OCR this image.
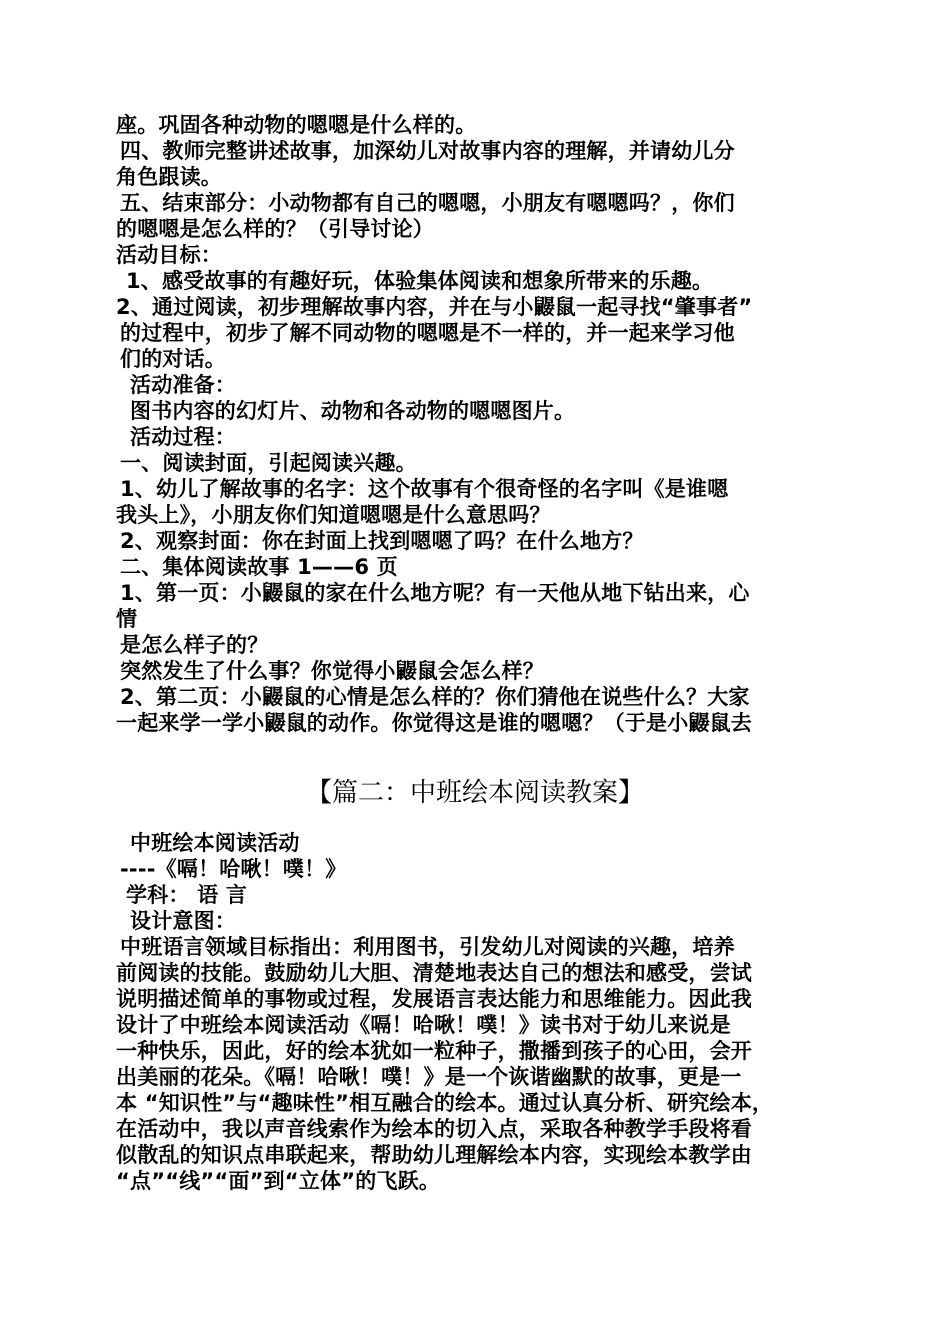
座。巩固各种动物的嗯嗯是什么样的。
四、教师完整讲述故事，加深幼儿对故事内容的理解，并请幼儿分
角色跟读。
五、结束部分：小动物都有自己的嗯嗯，小朋友有嗯嗯吗？，你们
的嗯嗯是怎么样的？（引导讨论）
活动目标：
1、感受故事的有趣好玩，体验集体阅读和想象所带来的乐趣。
2、通过阅读，初步理解故事内容，并在与小鼹鼠一起寻找“肇事者”
的过程中，初步了解不同动物的嗯嗯是不一样的，并一起来学习他
们的对话。
活动准备：
图书内容的幻灯片、动物和各动物的嗯嗯图片。
活动过程：
一、阅读封面，引起阅读兴趣。
1、幼儿了解故事的名字：这个故事有个很奇怪的名字叫《是谁嗯
我头上》，小朋友你们知道嗯嗯是什么意思吗？
2、观察封面：你在封面上找到嗯嗯了吗？在什么地方？
二、集体阅读故事 1——6 页
1、第一页：小鼹鼠的家在什么地方呢？有一天他从地下钻出来，心
情
是怎么样子的？
突然发生了什么事？你觉得小鼹鼠会怎么样？
2、第二页：小鼹鼠的心情是怎么样的？你们猜他在说些什么？大家
一起来学一学小鼹鼠的动作。你觉得这是谁的嗯嗯？（于是小鼹鼠去
【篇二：中班绘本阅读教案】
中班绘本阅读活动
----《嗝！哈啾！噗！》
学科： 语 言
设计意图：
中班语言领域目标指出：利用图书，引发幼儿对阅读的兴趣，培养
前阅读的技能。鼓励幼儿大胆、清楚地表达自己的想法和感受，尝试
说明描述简单的事物或过程，发展语言表达能力和思维能力。因此我
设计了中班绘本阅读活动《嗝！哈啾！噗！》读书对于幼儿来说是
一种快乐，因此，好的绘本犹如一粒种子，撒播到孩子的心田，会开
出美丽的花朵。《嗝！哈啾！噗！》是一个诙谐幽默的故事，更是一
本 “知识性”与“趣味性”相互融合的绘本。通过认真分析、研究绘本，
在活动中，我以声音线索作为绘本的切入点，采取各种教学手段将看
似散乱的知识点串联起来，帮助幼儿理解绘本内容，实现绘本教学由
“点”“线”“面”到“立体”的飞跃。
